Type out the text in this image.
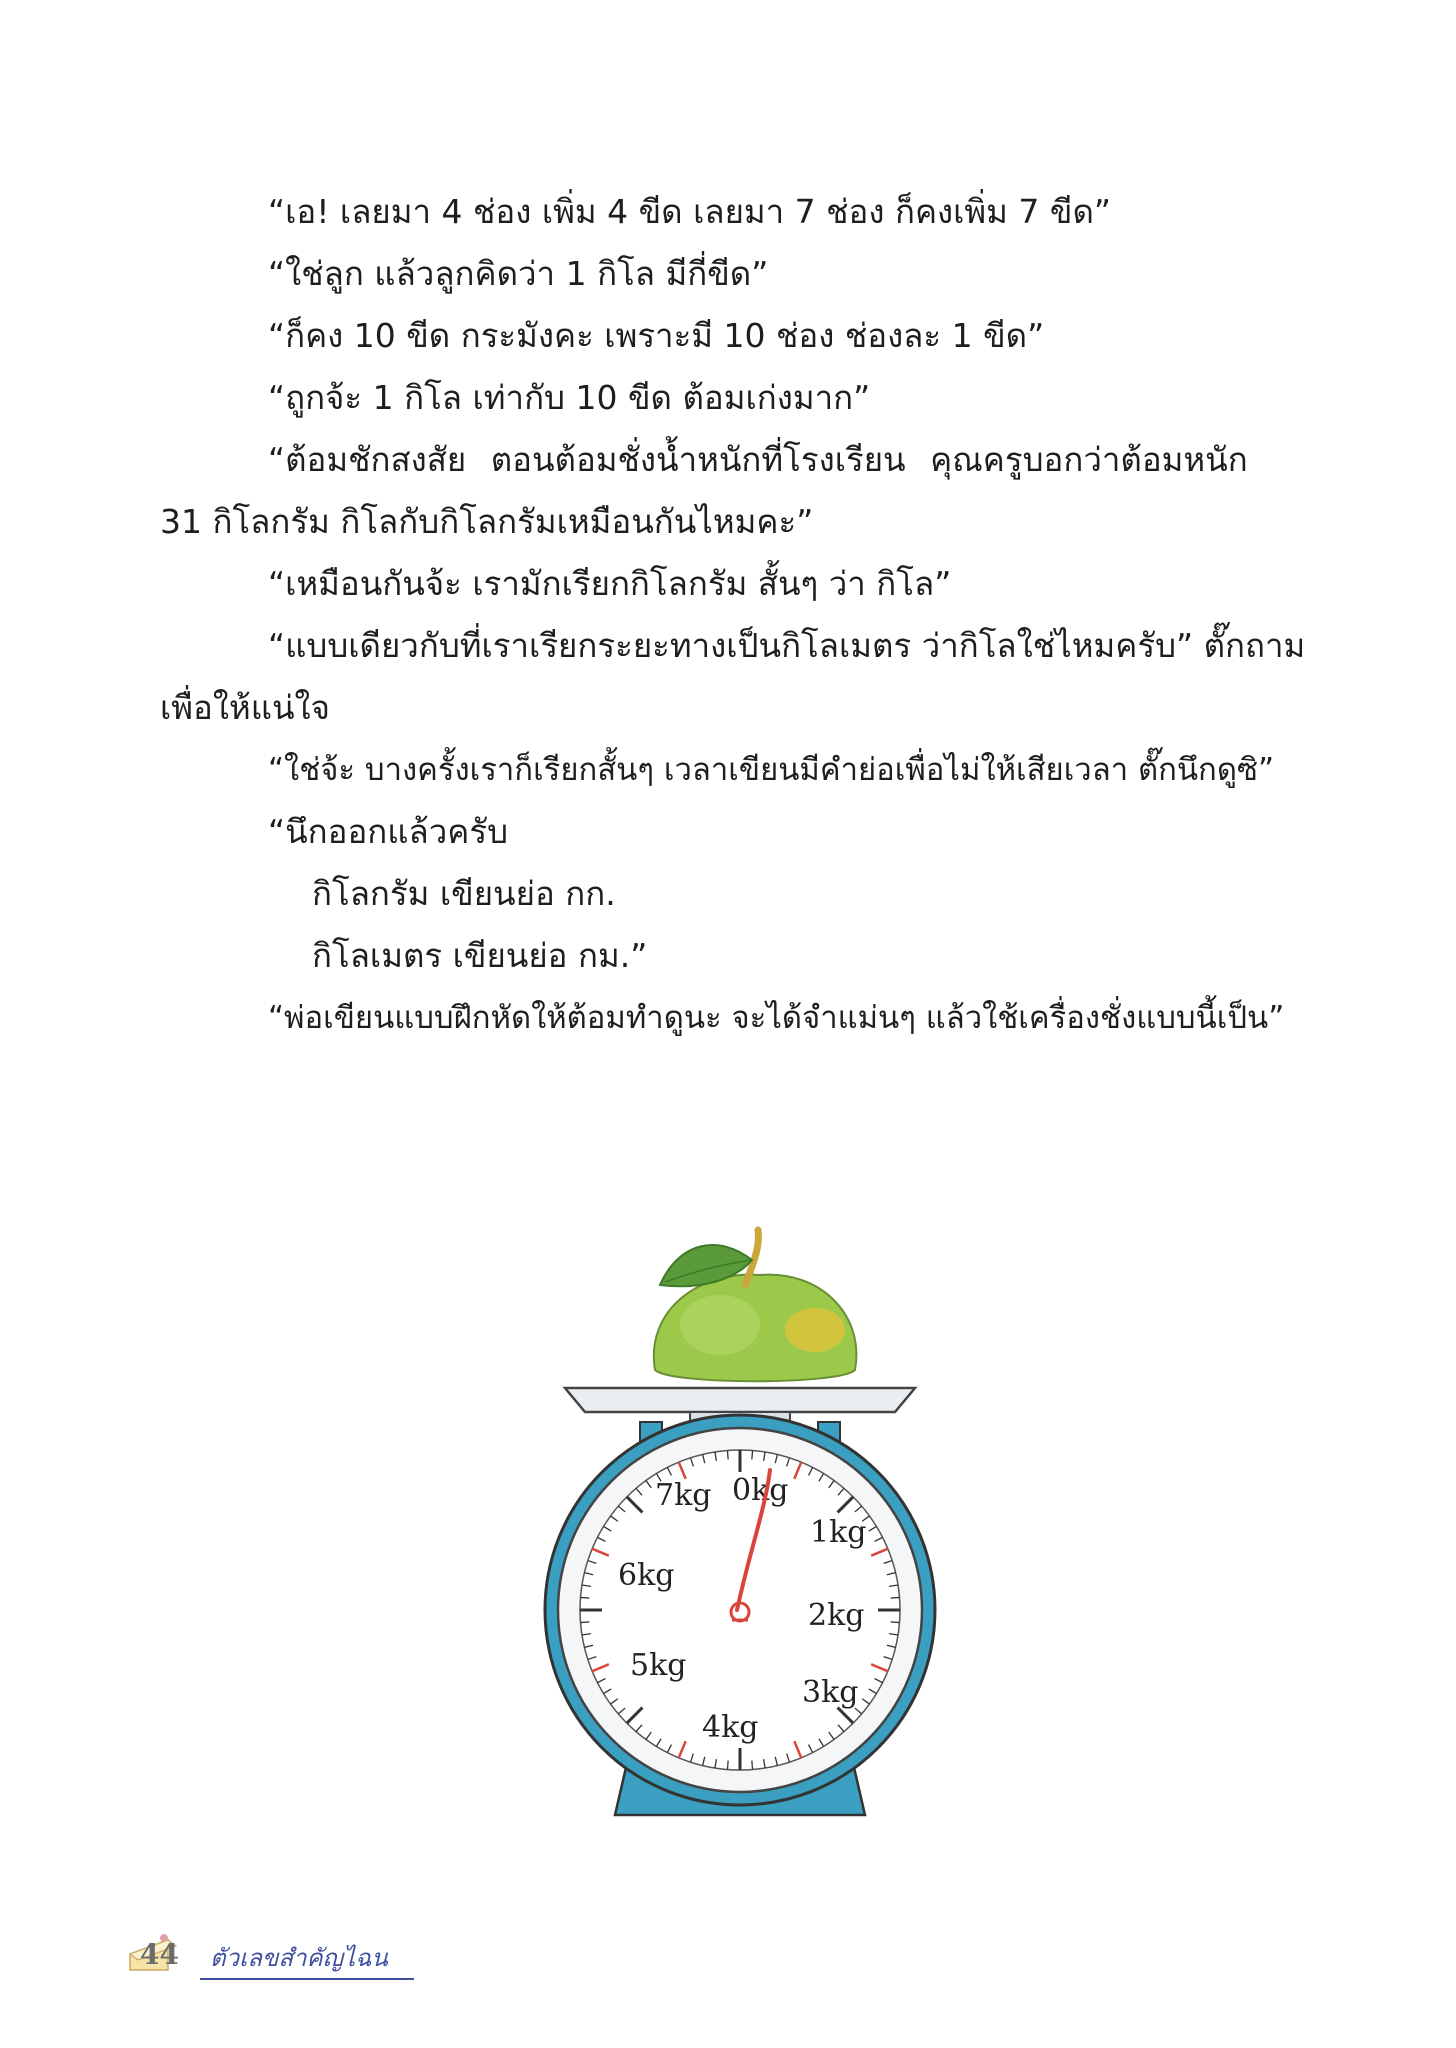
“เอ! เลยมา 4 ช่อง เพิ่ม 4 ขีด เลยมา 7 ช่อง ก็คงเพิ่ม 7 ขีด”
“ใช่ลูก แล้วลูกคิดว่า 1 กิโล มีกี่ขีด”
“ก็คง 10 ขีด กระมังคะ เพราะมี 10 ช่อง ช่องละ 1 ขีด”
“ถูกจ้ะ 1 กิโล เท่ากับ 10 ขีด ต้อมเก่งมาก”
“ต้อมชักสงสัย ตอนต้อมชั่งน้ำหนักที่โรงเรียน คุณครูบอกว่าต้อมหนัก
31 กิโลกรัม กิโลกับกิโลกรัมเหมือนกันไหมคะ”
“เหมือนกันจ้ะ เรามักเรียกกิโลกรัม สั้นๆ ว่า กิโล”
“แบบเดียวกับที่เราเรียกระยะทางเป็นกิโลเมตร ว่ากิโลใช่ไหมครับ” ตั๊กถาม
เพื่อให้แน่ใจ
“ใช่จ้ะ บางครั้งเราก็เรียกสั้นๆ เวลาเขียนมีคำย่อเพื่อไม่ให้เสียเวลา ตั๊กนึกดูซิ”
“นึกออกแล้วครับ
กิโลกรัม เขียนย่อ กก.
กิโลเมตร เขียนย่อ กม.”
“พ่อเขียนแบบฝึกหัดให้ต้อมทำดูนะ จะได้จำแม่นๆ แล้วใช้เครื่องชั่งแบบนี้เป็น”
0kg
1kg
2kg
3kg
4kg
5kg
6kg
7kg
44 ตัวเลขสำคัญไฉน
